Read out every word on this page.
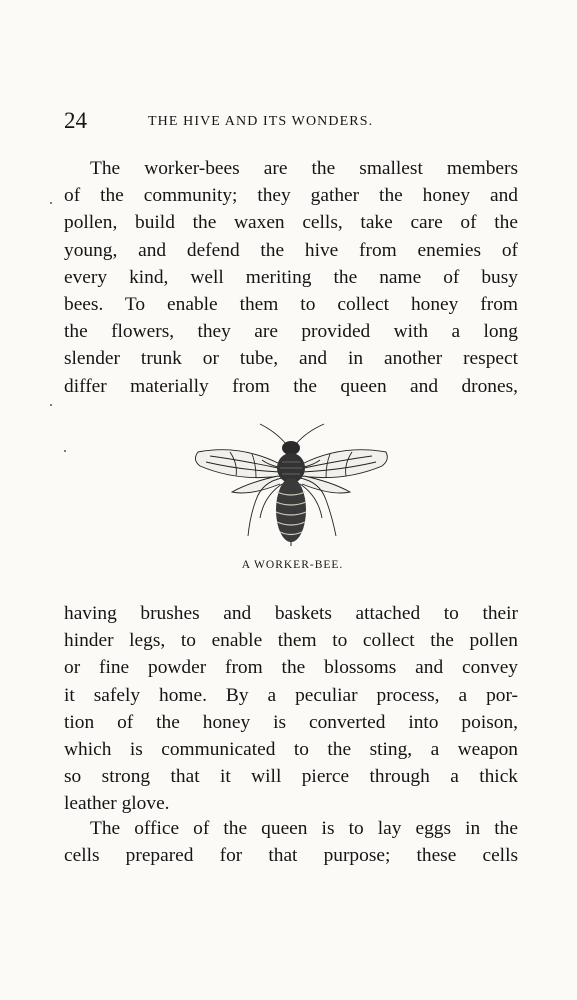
24	THE HIVE AND ITS WONDERS.
The worker-bees are the smallest members
of the community; they gather the honey and
pollen, build the waxen cells, take care of the
young, and defend the hive from enemies of
every kind, well meriting the name of busy
bees. To enable them to collect honey from
the flowers, they are provided with a long
slender trunk or tube, and in another respect
differ materially from the queen and drones,
A WORKER-BEE.
having brushes and baskets attached to their
hinder legs, to enable them to collect the pollen
or fine powder from the blossoms and convey
it safely home. By a peculiar process, a por-
tion of the honey is converted into poison,
which is communicated to the sting, a weapon
so strong that it will pierce through a thick
leather glove.
The office of the queen is to lay eggs in the
cells prepared for that purpose; these cells
